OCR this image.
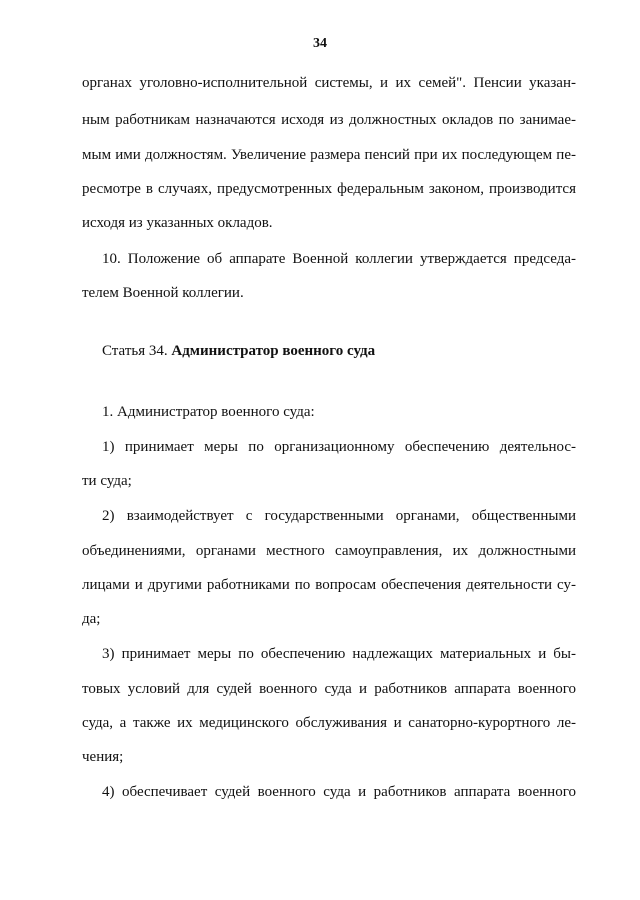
34
органах уголовно-исполнительной системы, и их семей". Пенсии указан-
ным работникам назначаются исходя из должностных окладов по занимае-
мым ими должностям. Увеличение размера пенсий при их последующем пе-
ресмотре в случаях, предусмотренных федеральным законом, производится
исходя из указанных окладов.
10. Положение об аппарате Военной коллегии утверждается председа-
телем Военной коллегии.
Статья 34. Администратор военного суда
1. Администратор военного суда:
1) принимает меры по организационному обеспечению деятельнос-
ти суда;
2) взаимодействует с государственными органами, общественными
объединениями, органами местного самоуправления, их должностными
лицами и другими работниками по вопросам обеспечения деятельности су-
да;
3) принимает меры по обеспечению надлежащих материальных и бы-
товых условий для судей военного суда и работников аппарата военного
суда, а также их медицинского обслуживания и санаторно-курортного ле-
чения;
4) обеспечивает судей военного суда и работников аппарата военного
